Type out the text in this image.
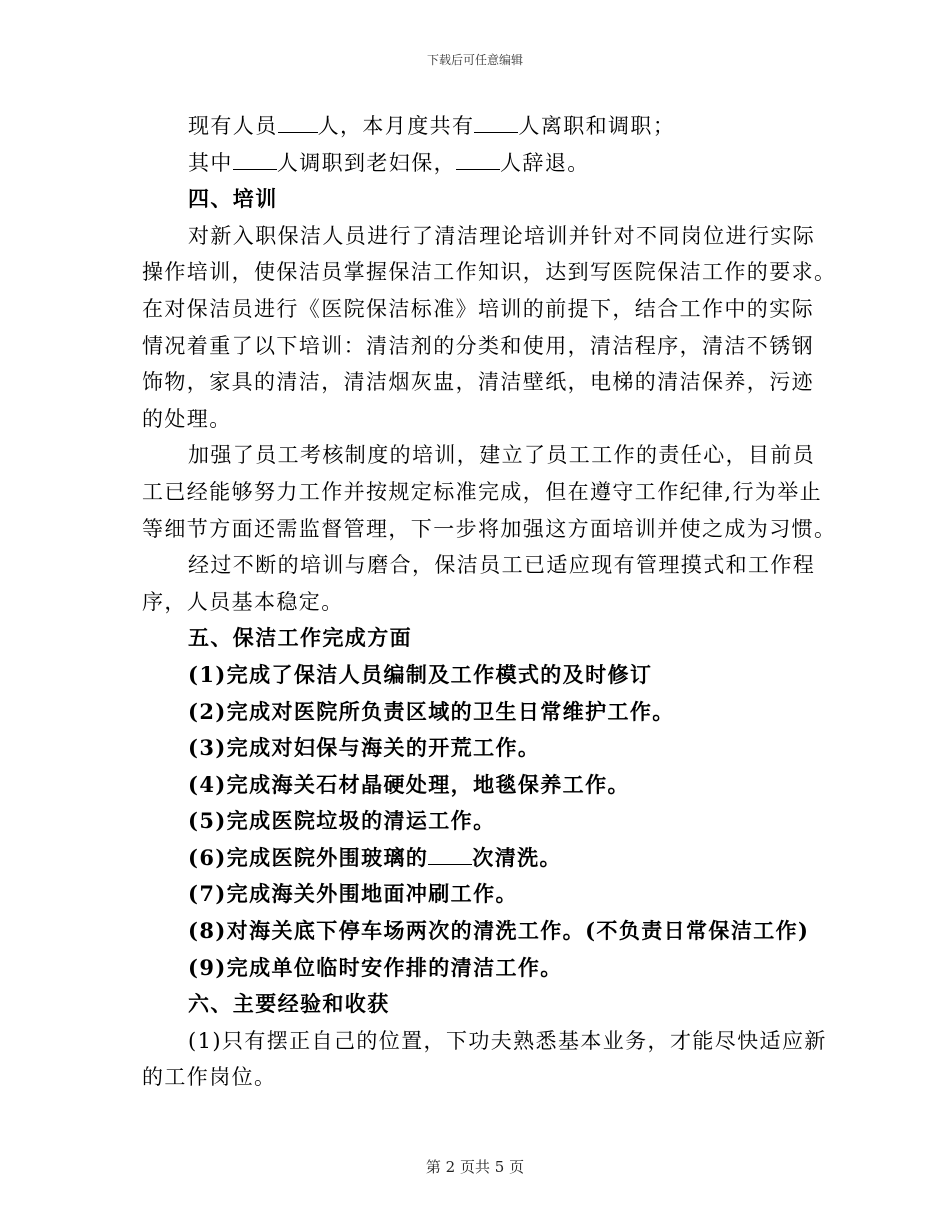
下载后可任意编辑
现有人员 人，本月度共有 人离职和调职；
其中 人调职到老妇保， 人辞退。
四、培训
对新入职保洁人员进行了清洁理论培训并针对不同岗位进行实际
操作培训，使保洁员掌握保洁工作知识，达到写医院保洁工作的要求。
在对保洁员进行《医院保洁标准》培训的前提下，结合工作中的实际
情况着重了以下培训：清洁剂的分类和使用，清洁程序，清洁不锈钢
饰物，家具的清洁，清洁烟灰盅，清洁壁纸，电梯的清洁保养，污迹
的处理。
加强了员工考核制度的培训，建立了员工工作的责任心，目前员
工已经能够努力工作并按规定标准完成，但在遵守工作纪律,行为举止
等细节方面还需监督管理，下一步将加强这方面培训并使之成为习惯。
经过不断的培训与磨合，保洁员工已适应现有管理摸式和工作程
序，人员基本稳定。
五、保洁工作完成方面
(1)完成了保洁人员编制及工作模式的及时修订
(2)完成对医院所负责区域的卫生日常维护工作。
(3)完成对妇保与海关的开荒工作。
(4)完成海关石材晶硬处理，地毯保养工作。
(5)完成医院垃圾的清运工作。
(6)完成医院外围玻璃的 次清洗。
(7)完成海关外围地面冲刷工作。
(8)对海关底下停车场两次的清洗工作。(不负责日常保洁工作)
(9)完成单位临时安作排的清洁工作。
六、主要经验和收获
(1)只有摆正自己的位置，下功夫熟悉基本业务，才能尽快适应新
的工作岗位。
第 2 页共 5 页
